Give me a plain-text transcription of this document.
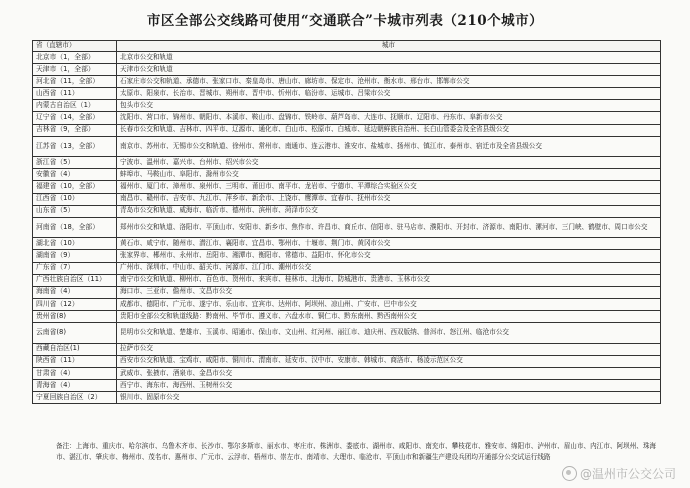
市区全部公交线路可使用“交通联合”卡城市列表（210个城市）
省（直辖市）	城市
北京市（1，全部）	北京市公交和轨道
天津市（1，全部）	天津市公交和轨道
河北省（11，全部）	石家庄市公交和轨道、承德市、张家口市、秦皇岛市、唐山市、廊坊市、保定市、沧州市、衡水市、邢台市、邯郸市公交
山西省（11）	太原市、阳泉市、长治市、晋城市、朔州市、晋中市、忻州市、临汾市、运城市、吕梁市公交
内蒙古自治区（1）	包头市公交
辽宁省（14，全部）	沈阳市、营口市、锦州市、朝阳市、本溪市、鞍山市、盘锦市、铁岭市、葫芦岛市、大连市、抚顺市、辽阳市、丹东市、阜新市公交
吉林省（9，全部）	长春市公交和轨道、吉林市、四平市、辽源市、通化市、白山市、松原市、白城市、延边朝鲜族自治州、长白山管委会及全省县级公交
江苏省（13，全部）	南京市、苏州市、无锡市公交和轨道、徐州市、常州市、南通市、连云港市、淮安市、盐城市、扬州市、镇江市、泰州市、宿迁市及全省县级公交
浙江省（5）	宁波市、温州市、嘉兴市、台州市、绍兴市公交
安徽省（4）	蚌埠市、马鞍山市、阜阳市、滁州市公交
福建省（10，全部）	福州市、厦门市、漳州市、泉州市、三明市、莆田市、南平市、龙岩市、宁德市、平潭综合实验区公交
江西省（10）	南昌市、赣州市、吉安市、九江市、萍乡市、新余市、上饶市、鹰潭市、宜春市、抚州市公交
山东省（5）	青岛市公交和轨道、威海市、临沂市、德州市、滨州市、菏泽市公交
河南省（18，全部）	郑州市公交和轨道、洛阳市、平顶山市、安阳市、新乡市、焦作市、许昌市、商丘市、信阳市、驻马店市、濮阳市、开封市、济源市、南阳市、漯河市、三门峡、鹤壁市、周口市公交
湖北省（10）	黄石市、咸宁市、随州市、潜江市、襄阳市、宜昌市、鄂州市、十堰市、荆门市、黄冈市公交
湖南省（9）	张家界市、郴州市、永州市、岳阳市、湘潭市、衡阳市、常德市、益阳市、怀化市公交
广东省（7）	广州市、深圳市、中山市、韶关市、河源市、江门市、潮州市公交
广西壮族自治区（11）	南宁市公交和轨道、柳州市、百色市、贺州市、来宾市、桂林市、北海市、防城港市、贵港市、玉林市公交
海南省（4）	海口市、三亚市、儋州市、文昌市公交
四川省（12）	成都市、德阳市、广元市、遂宁市、乐山市、宜宾市、达州市、阿坝州、凉山州、广安市、巴中市公交
贵州省(8)	贵阳市全部公交和轨道线路：黔南州、毕节市、遵义市、六盘水市、铜仁市、黔东南州、黔西南州公交
云南省(8)	昆明市公交和轨道、楚雄市、玉溪市、昭通市、保山市、文山州、红河州、丽江市、迪庆州、西双版纳、普洱市、怒江州、临沧市公交
西藏自治区(1)	拉萨市公交
陕西省（11）	西安市公交和轨道、宝鸡市、咸阳市、铜川市、渭南市、延安市、汉中市、安康市、韩城市、商洛市、杨凌示范区公交
甘肃省（4）	武威市、张掖市、酒泉市、金昌市公交
青海省（4）	西宁市、海东市、海西州、玉树州公交
宁夏回族自治区（2）	银川市、固原市公交
备注：上海市、重庆市、哈尔滨市、乌鲁木齐市、长沙市、鄂尔多斯市、丽水市、枣庄市、株洲市、娄底市、湖州市、咸阳市、南充市、攀枝花市、雅安市、绵阳市、泸州市、眉山市、内江市、阿坝州、珠海市、湛江市、肇庆市、梅州市、茂名市、惠州市、广元市、云浮市、梧州市、崇左市、南靖市、大理市、临沧市、平顶山市和新疆生产建设兵团均开通部分公交试运行线路
@温州市公交公司
